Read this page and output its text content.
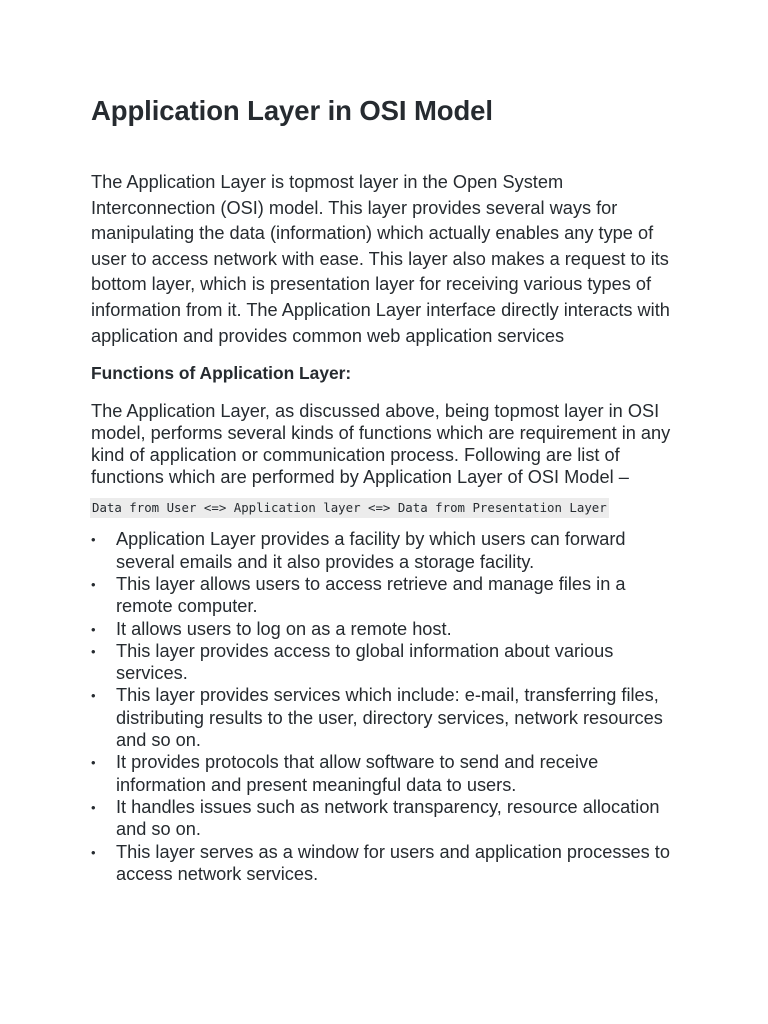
Application Layer in OSI Model

The Application Layer is topmost layer in the Open System Interconnection (OSI) model. This layer provides several ways for manipulating the data (information) which actually enables any type of user to access network with ease. This layer also makes a request to its bottom layer, which is presentation layer for receiving various types of information from it. The Application Layer interface directly interacts with application and provides common web application services

Functions of Application Layer:

The Application Layer, as discussed above, being topmost layer in OSI model, performs several kinds of functions which are requirement in any kind of application or communication process. Following are list of functions which are performed by Application Layer of OSI Model –

Data from User <=> Application layer <=> Data from Presentation Layer
•	Application Layer provides a facility by which users can forward several emails and it also provides a storage facility.
•	This layer allows users to access retrieve and manage files in a remote computer.
•	It allows users to log on as a remote host.
•	This layer provides access to global information about various services.
•	This layer provides services which include: e-mail, transferring files, distributing results to the user, directory services, network resources and so on.
•	It provides protocols that allow software to send and receive information and present meaningful data to users.
•	It handles issues such as network transparency, resource allocation and so on.
•	This layer serves as a window for users and application processes to access network services.
